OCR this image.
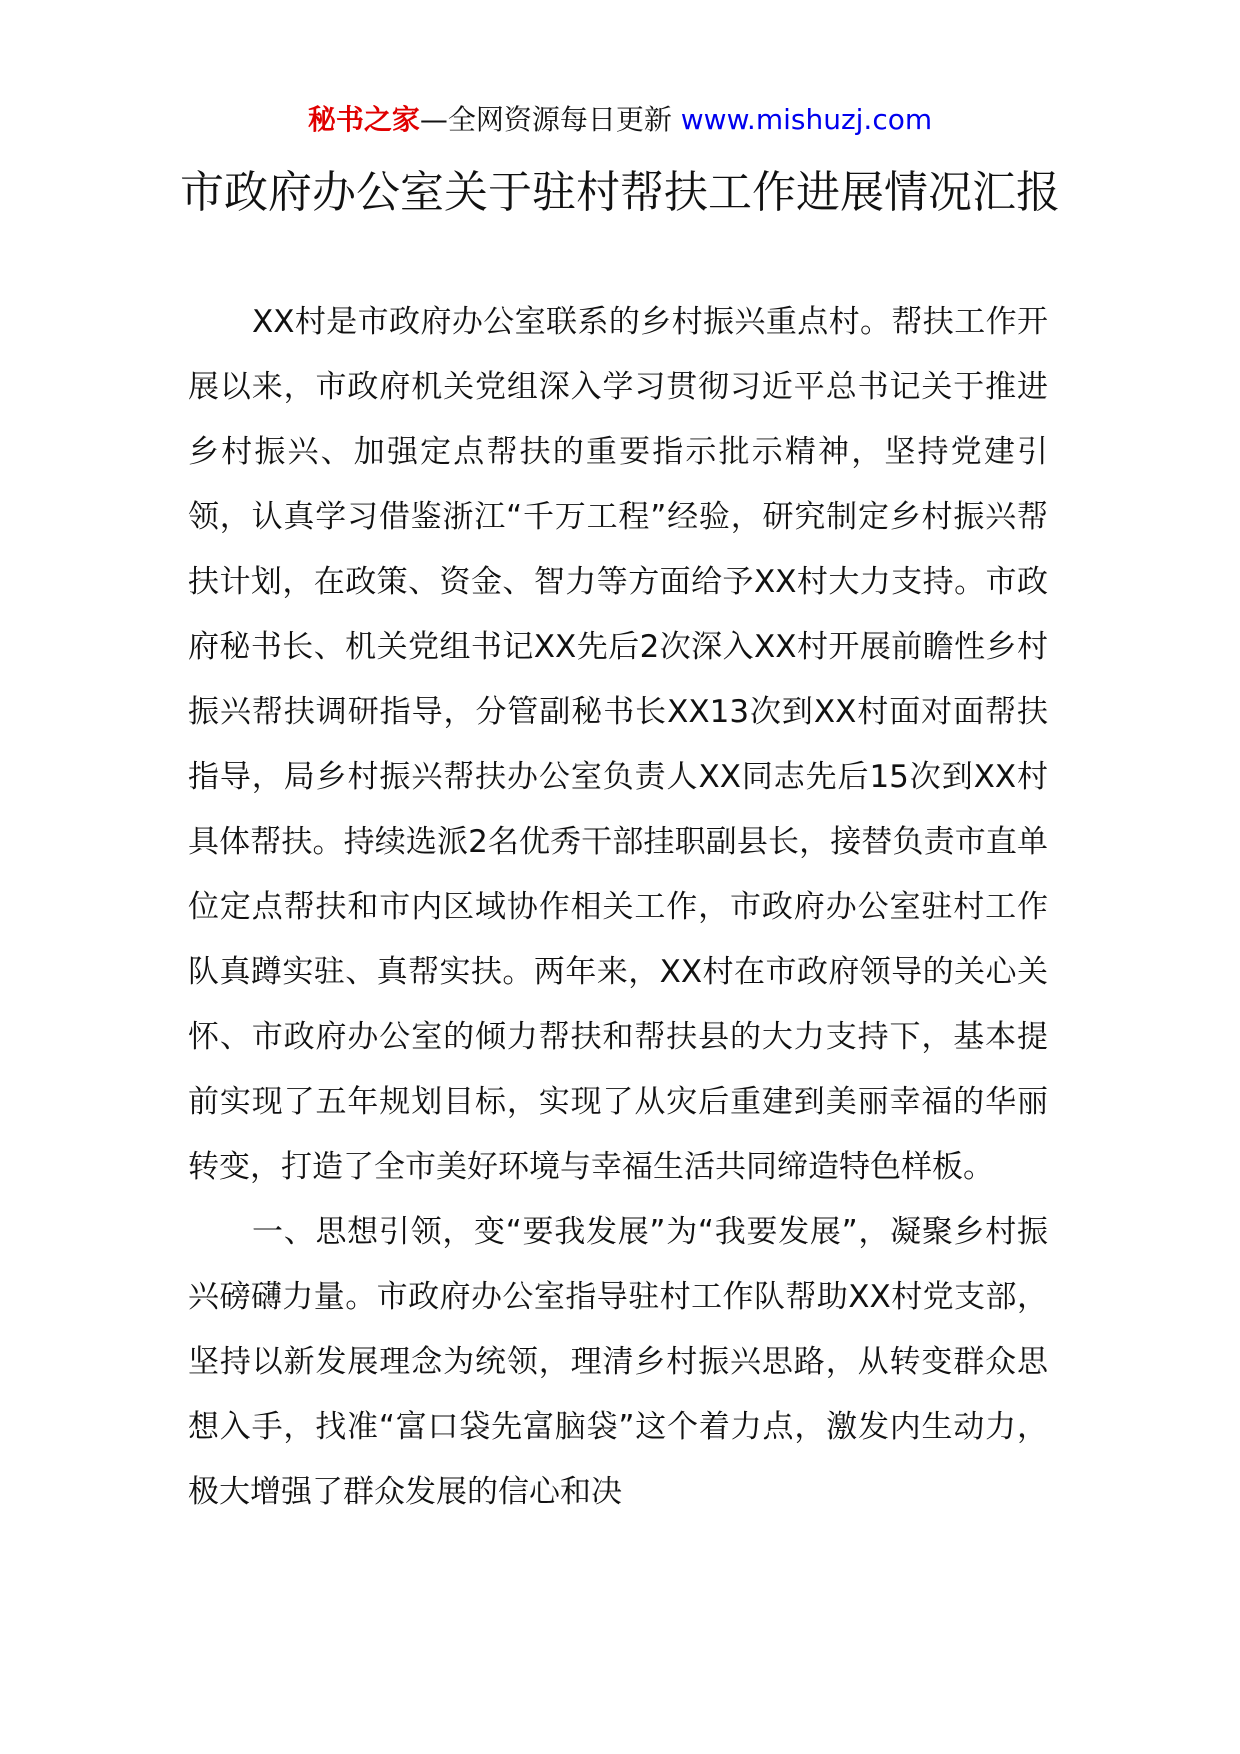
秘书之家—全网资源每日更新 www.mishuzj.com
市政府办公室关于驻村帮扶工作进展情况汇报

XX村是市政府办公室联系的乡村振兴重点村。帮扶工作开展以来，市政府机关党组深入学习贯彻习近平总书记关于推进乡村振兴、加强定点帮扶的重要指示批示精神，坚持党建引领，认真学习借鉴浙江“千万工程”经验，研究制定乡村振兴帮扶计划，在政策、资金、智力等方面给予XX村大力支持。市政府秘书长、机关党组书记XX先后2次深入XX村开展前瞻性乡村振兴帮扶调研指导，分管副秘书长XX13次到XX村面对面帮扶指导，局乡村振兴帮扶办公室负责人XX同志先后15次到XX村具体帮扶。持续选派2名优秀干部挂职副县长，接替负责市直单位定点帮扶和市内区域协作相关工作，市政府办公室驻村工作队真蹲实驻、真帮实扶。两年来，XX村在市政府领导的关心关怀、市政府办公室的倾力帮扶和帮扶县的大力支持下，基本提前实现了五年规划目标，实现了从灾后重建到美丽幸福的华丽转变，打造了全市美好环境与幸福生活共同缔造特色样板。

一、思想引领，变“要我发展”为“我要发展”，凝聚乡村振兴磅礴力量。市政府办公室指导驻村工作队帮助XX村党支部，坚持以新发展理念为统领，理清乡村振兴思路，从转变群众思想入手，找准“富口袋先富脑袋”这个着力点，激发内生动力，极大增强了群众发展的信心和决
